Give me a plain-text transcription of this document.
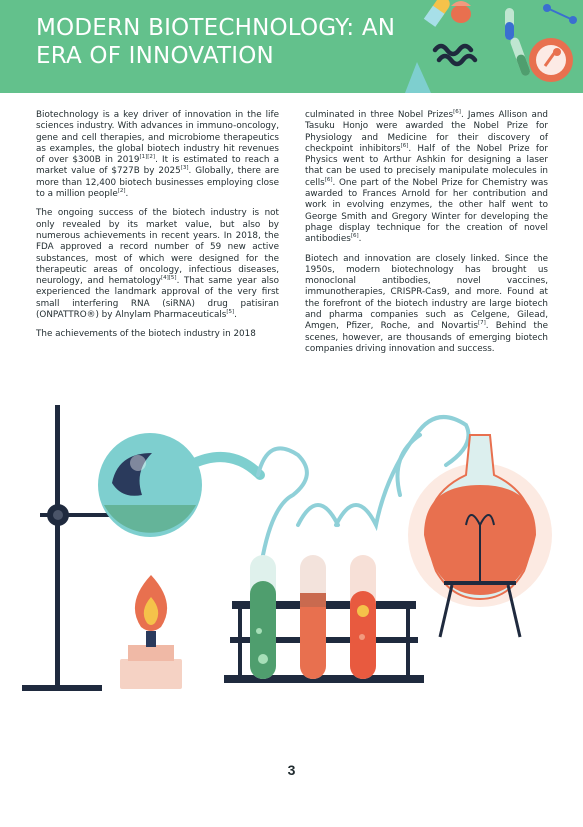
MODERN BIOTECHNOLOGY: AN ERA OF INNOVATION

Biotechnology is a key driver of innovation in the life sciences industry. With advances in immuno-oncology, gene and cell therapies, and microbiome therapeutics as examples, the global biotech industry hit revenues of over $300B in 2019[1][2]. It is estimated to reach a market value of $727B by 2025[3]. Globally, there are more than 12,400 biotech businesses employing close to a million people[2].

The ongoing success of the biotech industry is not only revealed by its market value, but also by numerous achievements in recent years. In 2018, the FDA approved a record number of 59 new active substances, most of which were designed for the therapeutic areas of oncology, infectious diseases, neurology, and hematology[4][5]. That same year also experienced the landmark approval of the very first small interfering RNA (siRNA) drug patisiran (ONPATTRO®) by Alnylam Pharmaceuticals[5].

The achievements of the biotech industry in 2018

culminated in three Nobel Prizes[6]. James Allison and Tasuku Honjo were awarded the Nobel Prize for Physiology and Medicine for their discovery of checkpoint inhibitors[6]. Half of the Nobel Prize for Physics went to Arthur Ashkin for designing a laser that can be used to precisely manipulate molecules in cells[6]. One part of the Nobel Prize for Chemistry was awarded to Frances Arnold for her contribution and work in evolving enzymes, the other half went to George Smith and Gregory Winter for developing the phage display technique for the creation of novel antibodies[6].

Biotech and innovation are closely linked. Since the 1950s, modern biotechnology has brought us monoclonal antibodies, novel vaccines, immunotherapies, CRISPR-Cas9, and more. Found at the forefront of the biotech industry are large biotech and pharma companies such as Celgene, Gilead, Amgen, Pfizer, Roche, and Novartis[7]. Behind the scenes, however, are thousands of emerging biotech companies driving innovation and success.

3
